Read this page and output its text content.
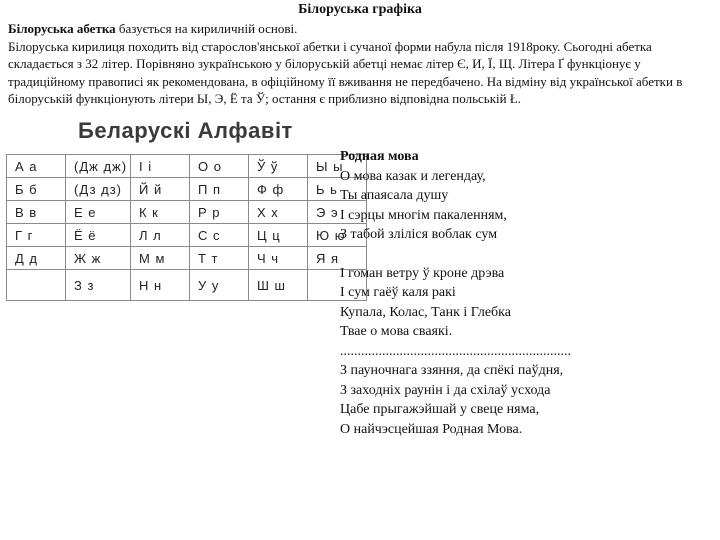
Білоруська графіка
Білоруська абетка базується на кириличній основі.
Білоруська кирилиця походить від старослов'янської абетки і сучаної форми набула після 1918року. Сьогодні абетка складається з 32 літер. Порівняно зукраїнською у білоруській абетці немає літер Є, И, Ї, Щ. Літера Ґ функціонує у традиційному правописі як рекомендована, в офіційному її вживання не передбачено. На відміну від української абетки в білоруській функціонують літери Ы, Э, Ё та Ў; остання є приблизно відповідна польській Ł.
Беларускі Алфавіт
А а	(Дж дж)	І і	О о	Ў ў	Ы ы
Б б	(Дз дз)	Й й	П п	Ф ф	Ь ь
В в	Е е	К к	Р р	Х х	Э э
Г г	Ё ё	Л л	С с	Ц ц	Ю ю
Д д	Ж ж	М м	Т т	Ч ч	Я я
	З з	Н н	У у	Ш ш	
Родная мова
О мова казак и легендау,
Ты апаясала душу
І сэрцы многім пакаленням,
З табой зліліся воблак сум
І гоман ветру ў кроне дрэва
І сум гаёў каля ракі
Купала, Колас, Танк і Глебка
Твае о мова сваякі.
..................................................................
З пауночнага ззяння, да спёкі паўдня,
З заходніх раунін і да схілаў усхода
Цабе прыгажэйшай у свеце няма,
О найчэсцейшая Родная Мова.
